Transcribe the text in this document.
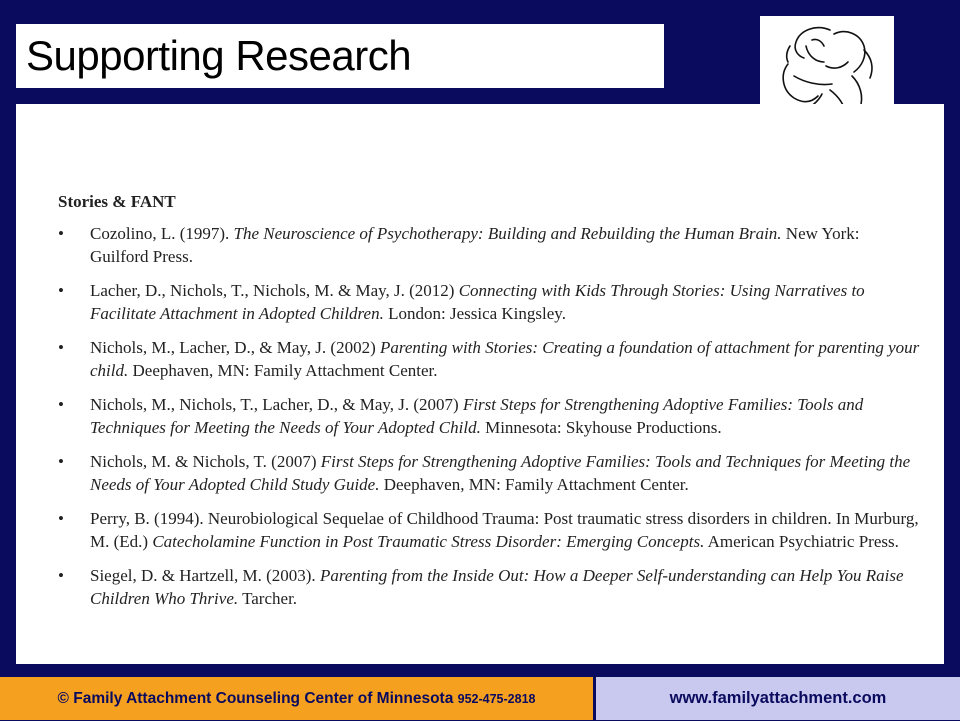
Supporting Research
Stories & FANT
• Cozolino, L. (1997). The Neuroscience of Psychotherapy: Building and Rebuilding the Human Brain. New York: Guilford Press.
• Lacher, D., Nichols, T., Nichols, M. & May, J. (2012) Connecting with Kids Through Stories: Using Narratives to Facilitate Attachment in Adopted Children. London: Jessica Kingsley.
• Nichols, M., Lacher, D., & May, J. (2002) Parenting with Stories: Creating a foundation of attachment for parenting your child. Deephaven, MN: Family Attachment Center.
• Nichols, M., Nichols, T., Lacher, D., & May, J. (2007) First Steps for Strengthening Adoptive Families: Tools and Techniques for Meeting the Needs of Your Adopted Child. Minnesota: Skyhouse Productions.
• Nichols, M. & Nichols, T. (2007) First Steps for Strengthening Adoptive Families: Tools and Techniques for Meeting the Needs of Your Adopted Child Study Guide. Deephaven, MN: Family Attachment Center.
• Perry, B. (1994). Neurobiological Sequelae of Childhood Trauma: Post traumatic stress disorders in children. In Murburg, M. (Ed.) Catecholamine Function in Post Traumatic Stress Disorder: Emerging Concepts. American Psychiatric Press.
• Siegel, D. & Hartzell, M. (2003). Parenting from the Inside Out: How a Deeper Self-understanding can Help You Raise Children Who Thrive. Tarcher.
© Family Attachment Counseling Center of Minnesota 952-475-2818	www.familyattachment.com
